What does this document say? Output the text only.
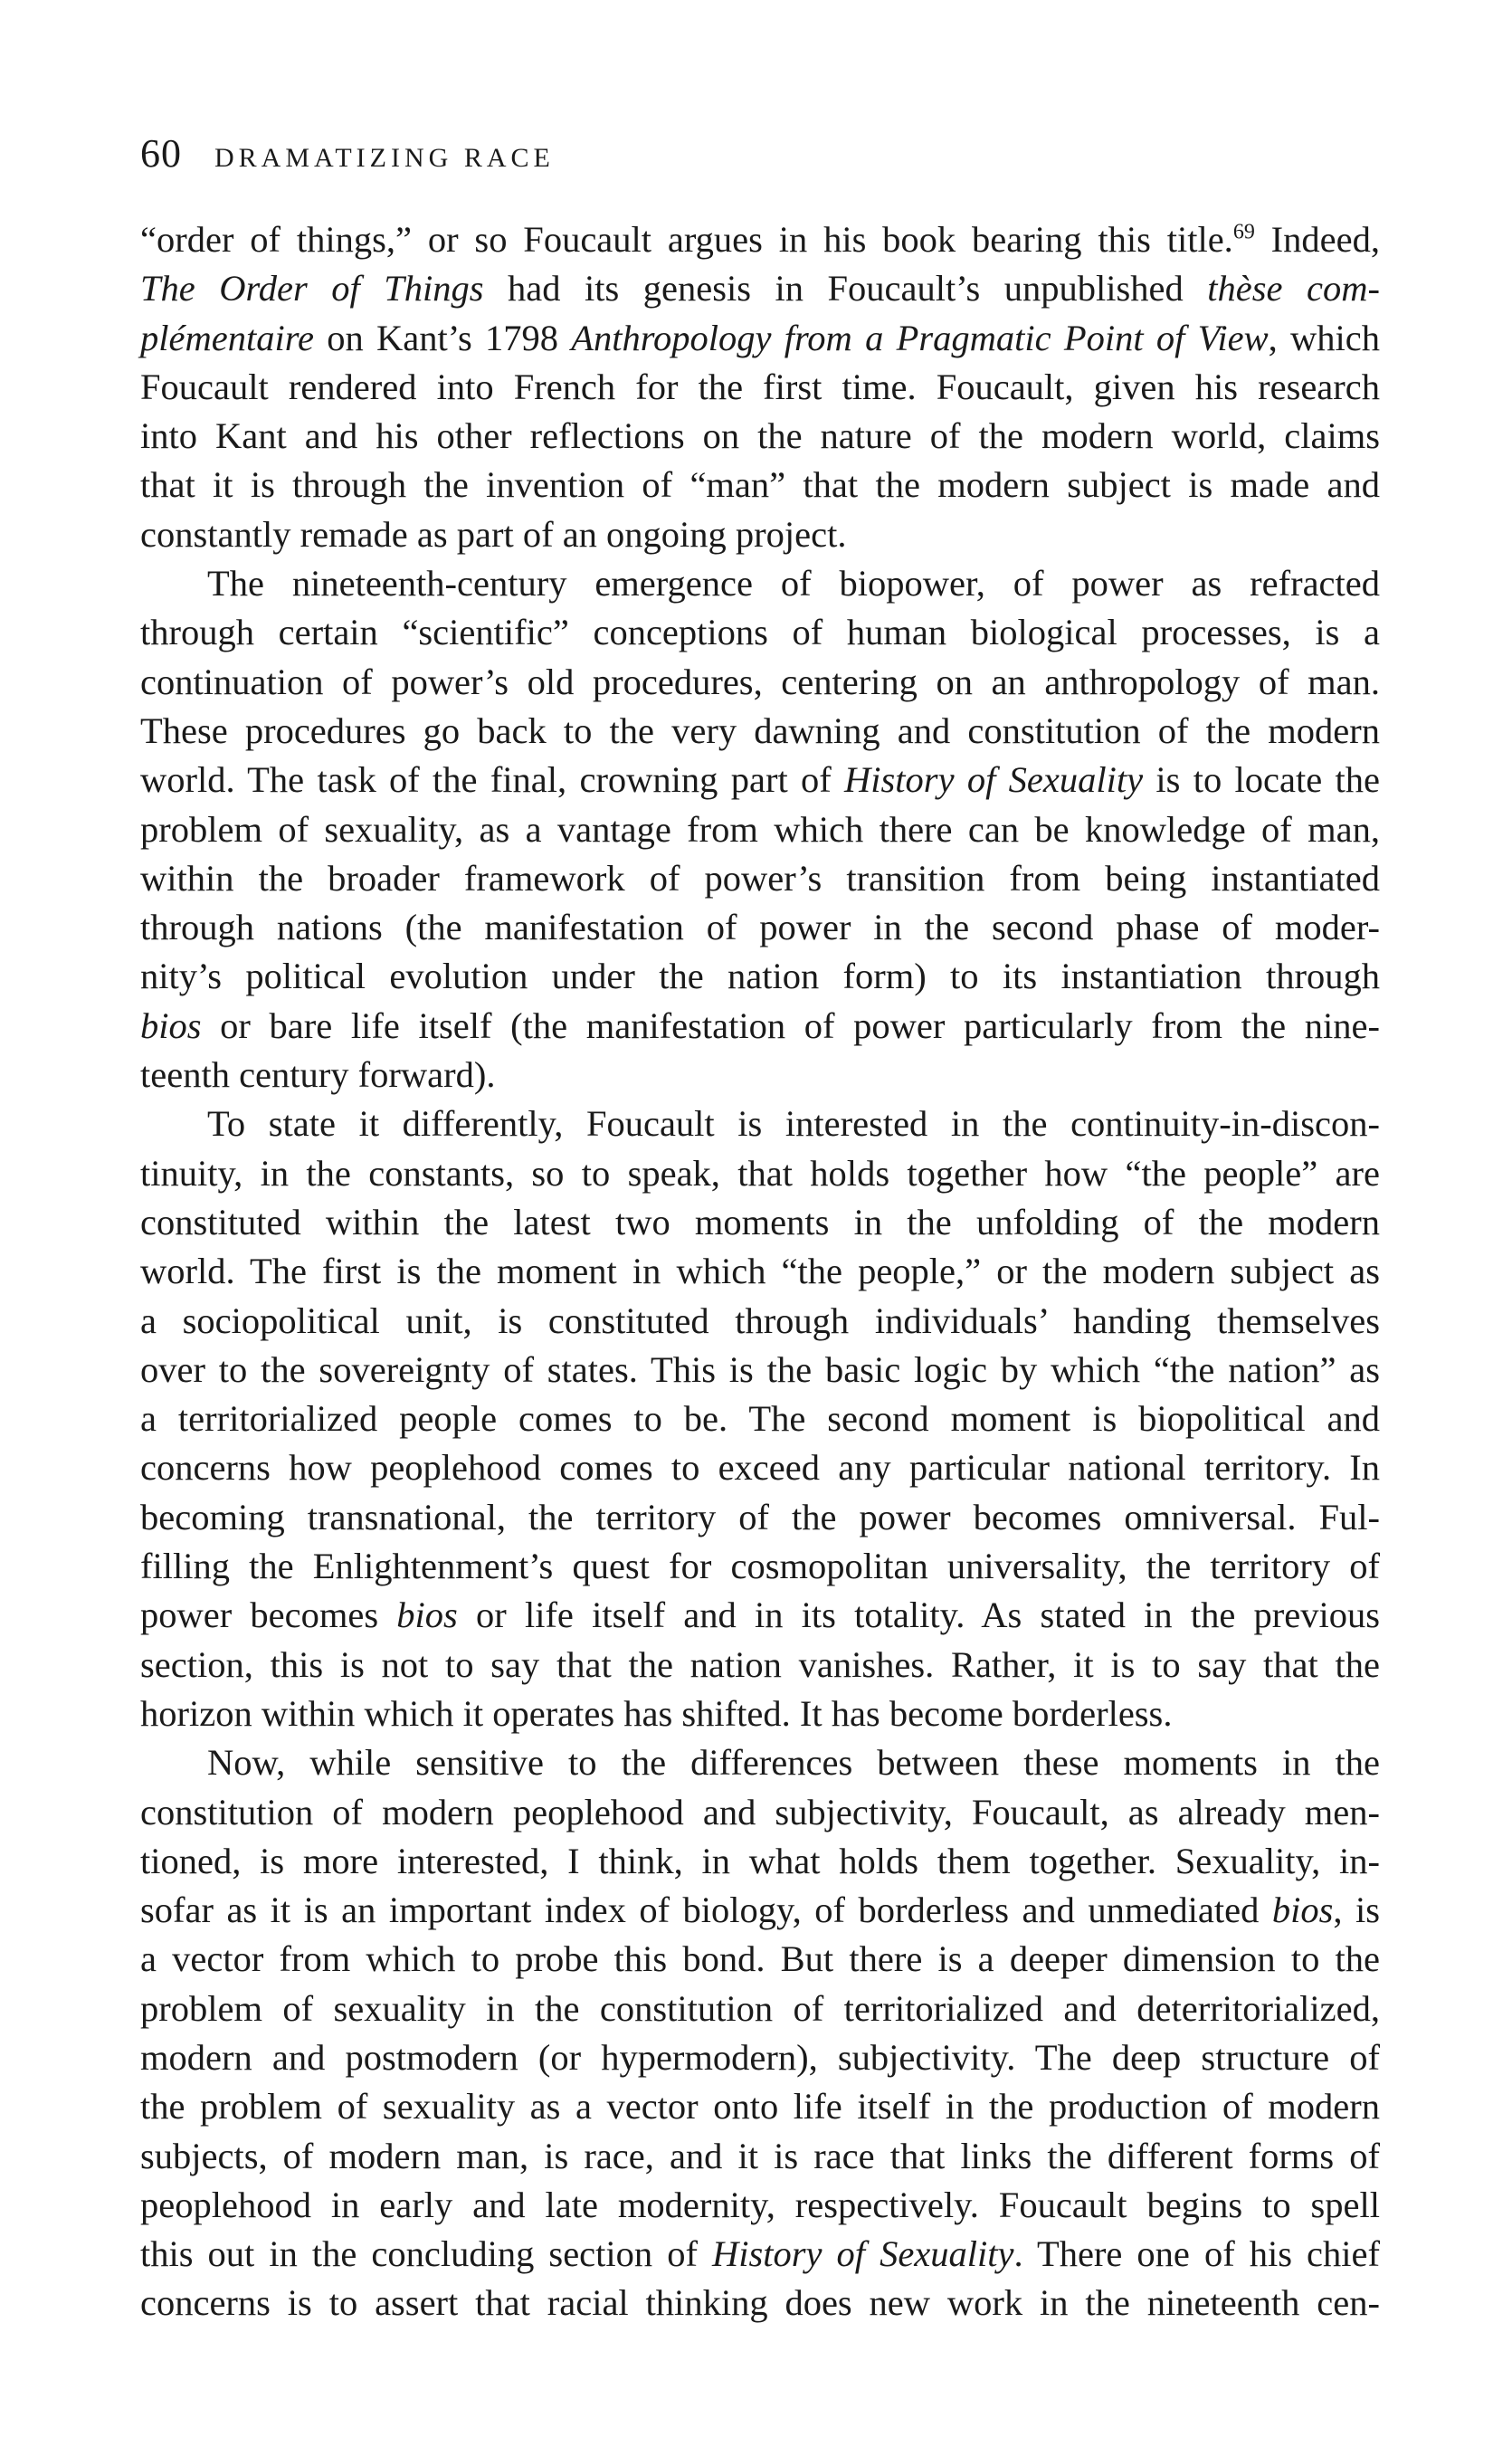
60 DRAMATIZING RACE

“order of things,” or so Foucault argues in his book bearing this title.$^{69}$ Indeed,
The Order of Things had its genesis in Foucault’s unpublished thèse com-
plémentaire on Kant’s 1798 Anthropology from a Pragmatic Point of View, which
Foucault rendered into French for the first time. Foucault, given his research
into Kant and his other reflections on the nature of the modern world, claims
that it is through the invention of “man” that the modern subject is made and
constantly remade as part of an ongoing project.

The nineteenth-century emergence of biopower, of power as refracted
through certain “scientific” conceptions of human biological processes, is a
continuation of power’s old procedures, centering on an anthropology of man.
These procedures go back to the very dawning and constitution of the modern
world. The task of the final, crowning part of History of Sexuality is to locate the
problem of sexuality, as a vantage from which there can be knowledge of man,
within the broader framework of power’s transition from being instantiated
through nations (the manifestation of power in the second phase of moder-
nity’s political evolution under the nation form) to its instantiation through
bios or bare life itself (the manifestation of power particularly from the nine-
teenth century forward).

To state it differently, Foucault is interested in the continuity-in-discon-
tinuity, in the constants, so to speak, that holds together how “the people” are
constituted within the latest two moments in the unfolding of the modern
world. The first is the moment in which “the people,” or the modern subject as
a sociopolitical unit, is constituted through individuals’ handing themselves
over to the sovereignty of states. This is the basic logic by which “the nation” as
a territorialized people comes to be. The second moment is biopolitical and
concerns how peoplehood comes to exceed any particular national territory. In
becoming transnational, the territory of the power becomes omniversal. Ful-
filling the Enlightenment’s quest for cosmopolitan universality, the territory of
power becomes bios or life itself and in its totality. As stated in the previous
section, this is not to say that the nation vanishes. Rather, it is to say that the
horizon within which it operates has shifted. It has become borderless.

Now, while sensitive to the differences between these moments in the
constitution of modern peoplehood and subjectivity, Foucault, as already men-
tioned, is more interested, I think, in what holds them together. Sexuality, in-
sofar as it is an important index of biology, of borderless and unmediated bios, is
a vector from which to probe this bond. But there is a deeper dimension to the
problem of sexuality in the constitution of territorialized and deterritorialized,
modern and postmodern (or hypermodern), subjectivity. The deep structure of
the problem of sexuality as a vector onto life itself in the production of modern
subjects, of modern man, is race, and it is race that links the different forms of
peoplehood in early and late modernity, respectively. Foucault begins to spell
this out in the concluding section of History of Sexuality. There one of his chief
concerns is to assert that racial thinking does new work in the nineteenth cen-
